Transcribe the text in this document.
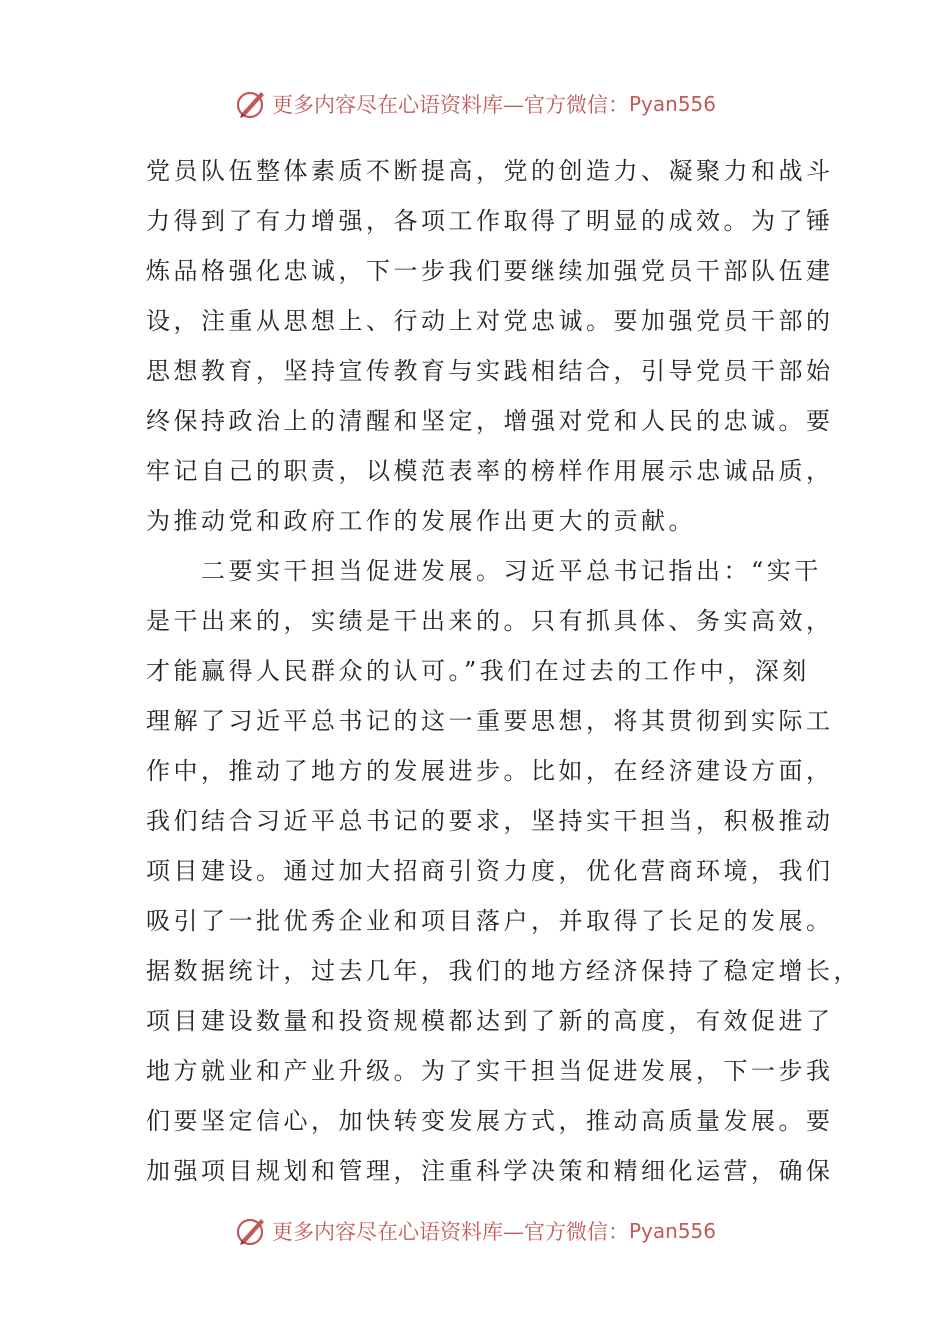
更多内容尽在心语资料库—官方微信： Pyan556
党员队伍整体素质不断提高，党的创造力、凝聚力和战斗
力得到了有力增强，各项工作取得了明显的成效。为了锤
炼品格强化忠诚，下一步我们要继续加强党员干部队伍建
设，注重从思想上、行动上对党忠诚。要加强党员干部的
思想教育，坚持宣传教育与实践相结合，引导党员干部始
终保持政治上的清醒和坚定，增强对党和人民的忠诚。要
牢记自己的职责，以模范表率的榜样作用展示忠诚品质，
为推动党和政府工作的发展作出更大的贡献。
　　二要实干担当促进发展。习近平总书记指出：“实干
是干出来的，实绩是干出来的。只有抓具体、务实高效，
才能赢得人民群众的认可。”我们在过去的工作中，深刻
理解了习近平总书记的这一重要思想，将其贯彻到实际工
作中，推动了地方的发展进步。比如，在经济建设方面，
我们结合习近平总书记的要求，坚持实干担当，积极推动
项目建设。通过加大招商引资力度，优化营商环境，我们
吸引了一批优秀企业和项目落户，并取得了长足的发展。
据数据统计，过去几年，我们的地方经济保持了稳定增长，
项目建设数量和投资规模都达到了新的高度，有效促进了
地方就业和产业升级。为了实干担当促进发展，下一步我
们要坚定信心，加快转变发展方式，推动高质量发展。要
加强项目规划和管理，注重科学决策和精细化运营，确保
更多内容尽在心语资料库—官方微信： Pyan556
